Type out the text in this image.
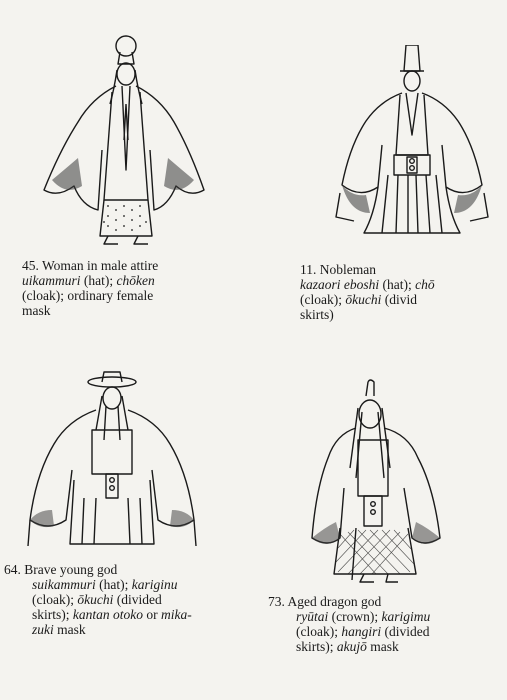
45. Woman in male attire
uikammuri (hat); chōken
(cloak); ordinary female
mask
11. Nobleman
kazaori eboshi (hat); chō
(cloak); ōkuchi (divid
skirts)
64. Brave young god
suikammuri (hat); kariginu
(cloak); ōkuchi (divided
skirts); kantan otoko or mika-
zuki mask
73. Aged dragon god
ryūtai (crown); karigimu
(cloak); hangiri (divided
skirts); akujō mask
